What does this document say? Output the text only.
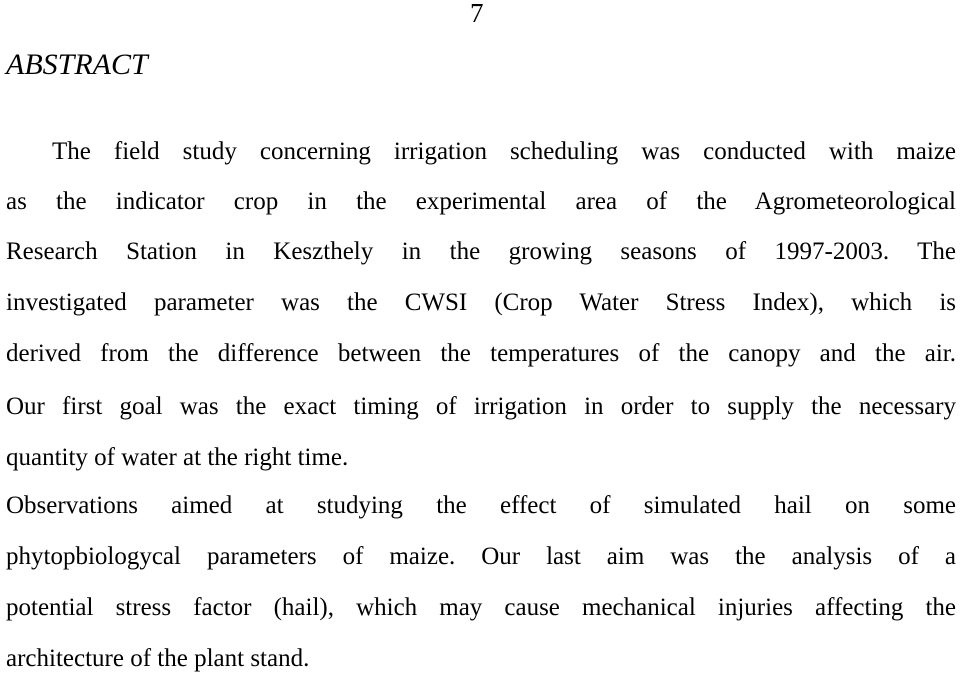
7
ABSTRACT
The field study concerning irrigation scheduling was conducted with maize
as the indicator crop in the experimental area of the Agrometeorological
Research Station in Keszthely in the growing seasons of 1997-2003. The
investigated parameter was the CWSI (Crop Water Stress Index), which is
derived from the difference between the temperatures of the canopy and the air.
Our first goal was the exact timing of irrigation in order to supply the necessary
quantity of water at the right time.
Observations aimed at studying the effect of simulated hail on some
phytopbiologycal parameters of maize. Our last aim was the analysis of a
potential stress factor (hail), which may cause mechanical injuries affecting the
architecture of the plant stand.
